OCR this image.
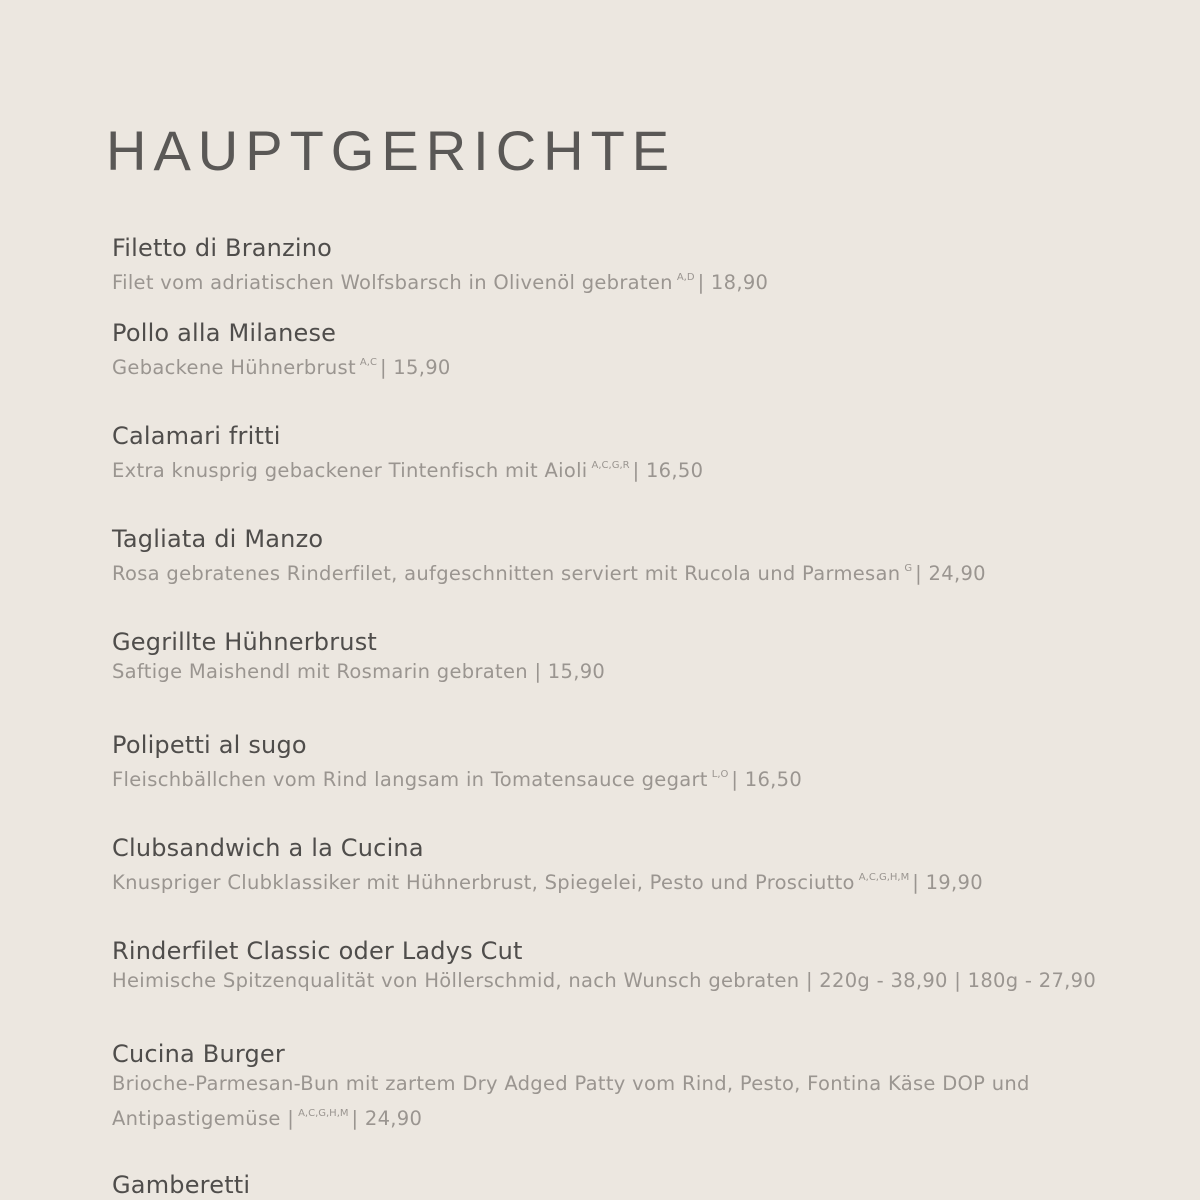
HAUPTGERICHTE
Filetto di Branzino
Filet vom adriatischen Wolfsbarsch in Olivenöl gebraten $^{A,D}$ | 18,90
Pollo alla Milanese
Gebackene Hühnerbrust $^{A,C}$ | 15,90
Calamari fritti
Extra knusprig gebackener Tintenfisch mit Aioli $^{A,C,G,R}$ | 16,50
Tagliata di Manzo
Rosa gebratenes Rinderfilet, aufgeschnitten serviert mit Rucola und Parmesan $^G$ | 24,90
Gegrillte Hühnerbrust
Saftige Maishendl mit Rosmarin gebraten | 15,90
Polipetti al sugo
Fleischbällchen vom Rind langsam in Tomatensauce gegart $^{L,O}$ | 16,50
Clubsandwich a la Cucina
Knuspriger Clubklassiker mit Hühnerbrust, Spiegelei, Pesto und Prosciutto $^{A,C,G,H,M}$ | 19,90
Rinderfilet Classic oder Ladys Cut
Heimische Spitzenqualität von Höllerschmid, nach Wunsch gebraten | 220g - 38,90 | 180g - 27,90
Cucina Burger
Brioche-Parmesan-Bun mit zartem Dry Adged Patty vom Rind, Pesto, Fontina Käse DOP und Antipastigemüse | $^{A,C,G,H,M}$ | 24,90
Gamberetti
